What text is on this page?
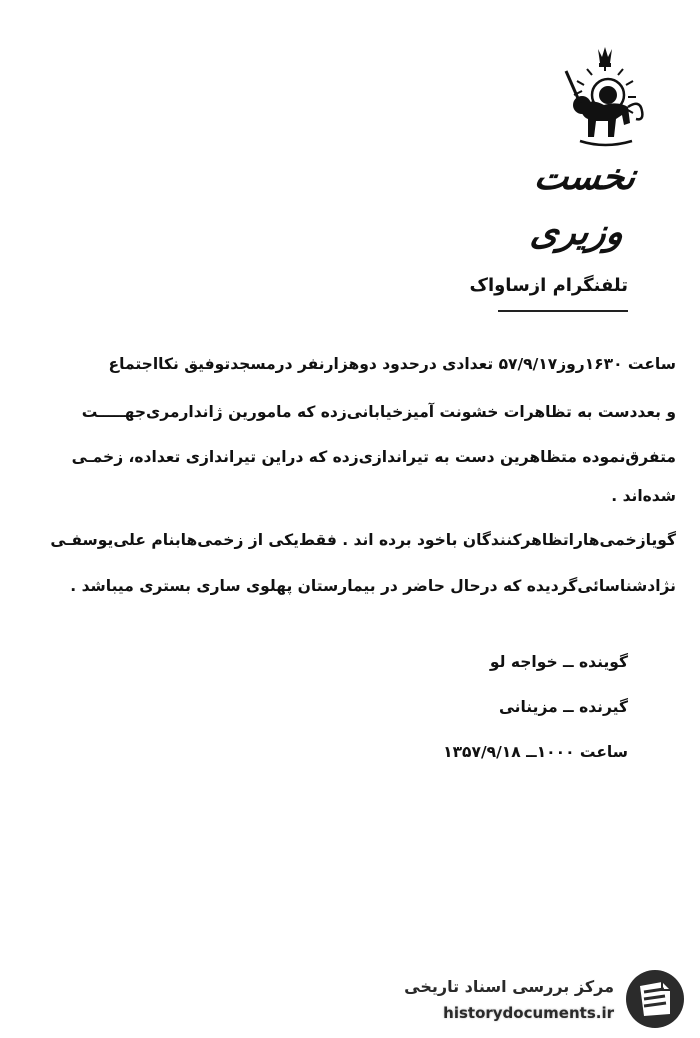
نخست وزیری
تلفنگرام ازساواک
ساعت ۱۶۳۰روز۵۷/۹/۱۷ تعدادی درحدود دوهزارنفر درمسجدتوفیق نکااجتماع
و بعددست به تظاهرات خشونت آمیزخیابانی‌زده که مامورین ژاندارمری‌جهـــــت
متفرق‌نموده متظاهرین دست به تیراندازی‌زده که دراین تیراندازی تعداده، زخمـی
شده‌اند .
گویازخمی‌هاراتظاهرکنندگان باخود برده اند . فقط‌یکی از زخمی‌هابنام علی‌یوسفـی
نژادشناسائی‌گردیده که درحال حاضر در بیمارستان پهلوی ساری بستری میباشد .
گوینده ــ خواجه لو
گیرنده ــ مزینانی
ساعت ۱۰۰۰ــ ۱۳۵۷/۹/۱۸
مرکز بررسی اسناد تاریخی
historydocuments.ir
